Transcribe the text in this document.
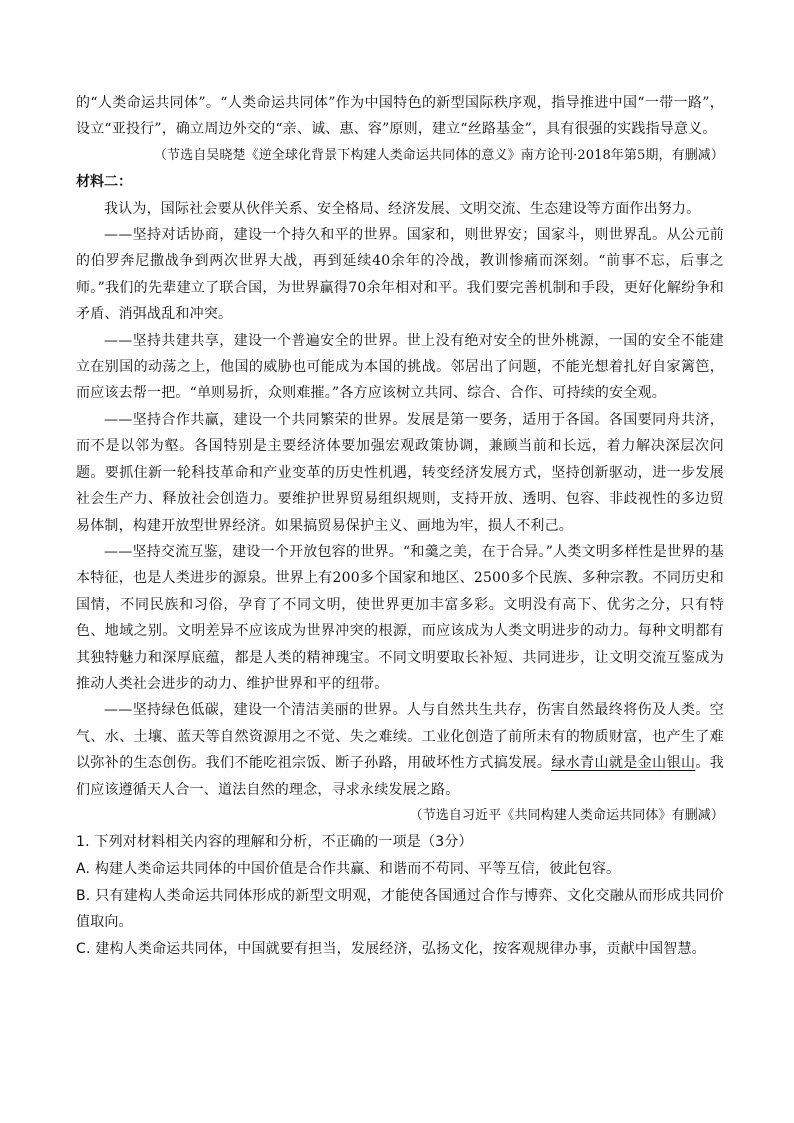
的“人类命运共同体”。“人类命运共同体”作为中国特色的新型国际秩序观，指导推进中国“一带一路”，设立“亚投行”，确立周边外交的“亲、诚、惠、容”原则，建立“丝路基金”，具有很强的实践指导意义。

（节选自吴晓楚《逆全球化背景下构建人类命运共同体的意义》南方论刊·2018年第5期，有删减）

材料二：

我认为，国际社会要从伙伴关系、安全格局、经济发展、文明交流、生态建设等方面作出努力。

——坚持对话协商，建设一个持久和平的世界。国家和，则世界安；国家斗，则世界乱。从公元前的伯罗奔尼撒战争到两次世界大战，再到延续40余年的冷战，教训惨痛而深刻。“前事不忘，后事之师。”我们的先辈建立了联合国，为世界赢得70余年相对和平。我们要完善机制和手段，更好化解纷争和矛盾、消弭战乱和冲突。

——坚持共建共享，建设一个普遍安全的世界。世上没有绝对安全的世外桃源，一国的安全不能建立在别国的动荡之上，他国的威胁也可能成为本国的挑战。邻居出了问题，不能光想着扎好自家篱笆，而应该去帮一把。“单则易折，众则难摧。”各方应该树立共同、综合、合作、可持续的安全观。

——坚持合作共赢，建设一个共同繁荣的世界。发展是第一要务，适用于各国。各国要同舟共济，而不是以邻为壑。各国特别是主要经济体要加强宏观政策协调，兼顾当前和长远，着力解决深层次问题。要抓住新一轮科技革命和产业变革的历史性机遇，转变经济发展方式，坚持创新驱动，进一步发展社会生产力、释放社会创造力。要维护世界贸易组织规则，支持开放、透明、包容、非歧视性的多边贸易体制，构建开放型世界经济。如果搞贸易保护主义、画地为牢，损人不利己。

——坚持交流互鉴，建设一个开放包容的世界。“和羹之美，在于合异。”人类文明多样性是世界的基本特征，也是人类进步的源泉。世界上有200多个国家和地区、2500多个民族、多种宗教。不同历史和国情，不同民族和习俗，孕育了不同文明，使世界更加丰富多彩。文明没有高下、优劣之分，只有特色、地域之别。文明差异不应该成为世界冲突的根源，而应该成为人类文明进步的动力。每种文明都有其独特魅力和深厚底蕴，都是人类的精神瑰宝。不同文明要取长补短、共同进步，让文明交流互鉴成为推动人类社会进步的动力、维护世界和平的纽带。

——坚持绿色低碳，建设一个清洁美丽的世界。人与自然共生共存，伤害自然最终将伤及人类。空气、水、土壤、蓝天等自然资源用之不觉、失之难续。工业化创造了前所未有的物质财富，也产生了难以弥补的生态创伤。我们不能吃祖宗饭、断子孙路，用破坏性方式搞发展。绿水青山就是金山银山。我们应该遵循天人合一、道法自然的理念，寻求永续发展之路。

（节选自习近平《共同构建人类命运共同体》有删减）

1. 下列对材料相关内容的理解和分析，不正确的一项是（3分）

A. 构建人类命运共同体的中国价值是合作共赢、和谐而不苟同、平等互信，彼此包容。

B. 只有建构人类命运共同体形成的新型文明观，才能使各国通过合作与博弈、文化交融从而形成共同价值取向。

C. 建构人类命运共同体，中国就要有担当，发展经济，弘扬文化，按客观规律办事，贡献中国智慧。
